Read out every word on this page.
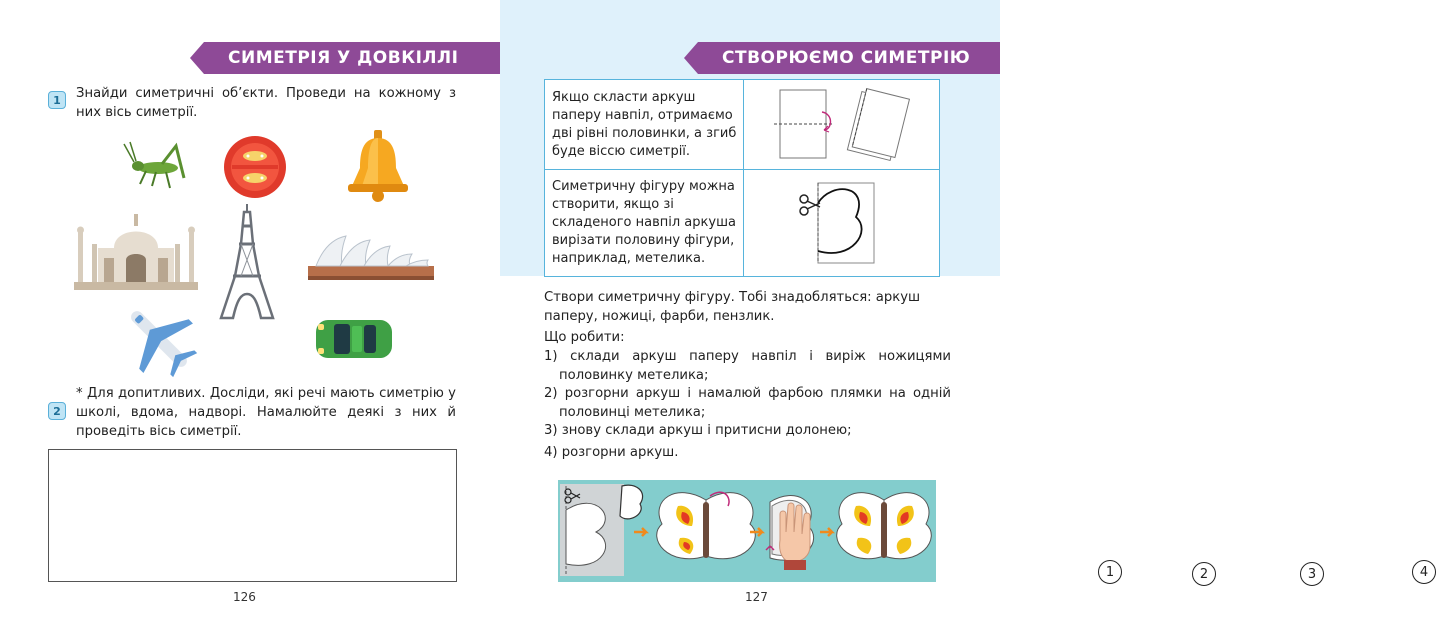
СИМЕТРІЯ У ДОВКІЛЛІ
1	Знайди симетричні об’єкти. Проведи на кожному з них вісь симетрії.
2
* Для допитливих. Досліди, які речі мають симетрію у школі, вдома, надворі. Намалюйте деякі з них й проведіть вісь симетрії.
126
СТВОРЮЄМО СИМЕТРІЮ
Якщо скласти аркуш паперу навпіл, отримаємо дві рівні половинки, а згиб буде віссю симетрії.	

Симетричну фігуру можна створити, якщо зі складеного навпіл аркуша вирізати половину фігури, наприклад, метелика.	
Створи симетричну фігуру. Тобі знадобляться: аркуш паперу, ножиці, фарби, пензлик.
Що робити:
1) склади аркуш паперу навпіл і виріж ножицями половинку метелика;
2) розгорни аркуш і намалюй фарбою плямки на одній половинці метелика;
3) знову склади аркуш і притисни долонею;
4) розгорни аркуш.
1	2	3	4
127
